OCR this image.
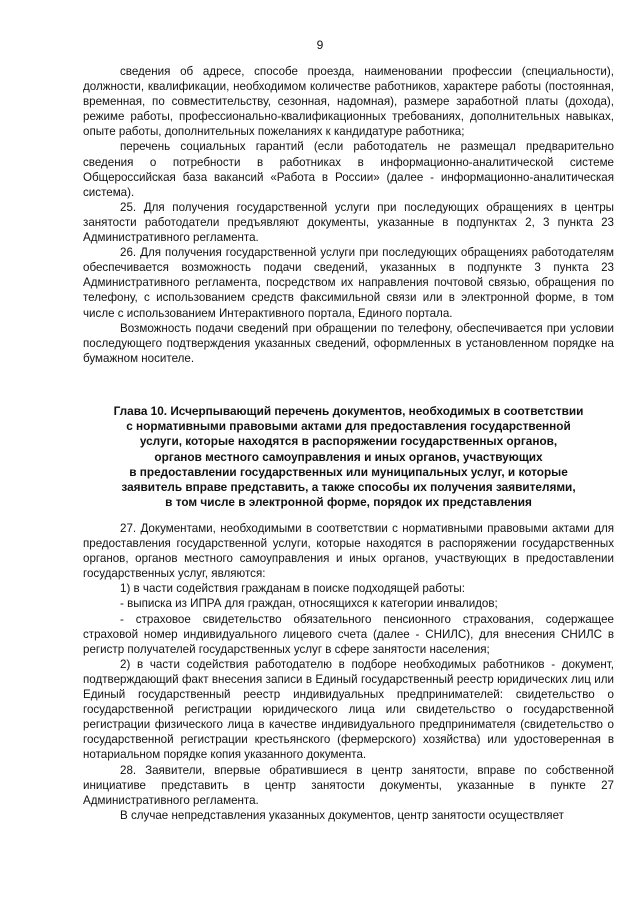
9

сведения об адресе, способе проезда, наименовании профессии (специальности), должности, квалификации, необходимом количестве работников, характере работы (постоянная, временная, по совместительству, сезонная, надомная), размере заработной платы (дохода), режиме работы, профессионально-квалификационных требованиях, дополнительных навыках, опыте работы, дополнительных пожеланиях к кандидатуре работника;

перечень социальных гарантий (если работодатель не размещал предварительно сведения о потребности в работниках в информационно-аналитической системе Общероссийская база вакансий «Работа в России» (далее - информационно-аналитическая система).

25. Для получения государственной услуги при последующих обращениях в центры занятости работодатели предъявляют документы, указанные в подпунктах 2, 3 пункта 23 Административного регламента.

26. Для получения государственной услуги при последующих обращениях работодателям обеспечивается возможность подачи сведений, указанных в подпункте 3 пункта 23 Административного регламента, посредством их направления почтовой связью, обращения по телефону, с использованием средств факсимильной связи или в электронной форме, в том числе с использованием Интерактивного портала, Единого портала.

Возможность подачи сведений при обращении по телефону, обеспечивается при условии последующего подтверждения указанных сведений, оформленных в установленном порядке на бумажном носителе.

Глава 10. Исчерпывающий перечень документов, необходимых в соответствии
с нормативными правовыми актами для предоставления государственной
услуги, которые находятся в распоряжении государственных органов,
органов местного самоуправления и иных органов, участвующих
в предоставлении государственных или муниципальных услуг, и которые
заявитель вправе представить, а также способы их получения заявителями,
в том числе в электронной форме, порядок их представления

27. Документами, необходимыми в соответствии с нормативными правовыми актами для предоставления государственной услуги, которые находятся в распоряжении государственных органов, органов местного самоуправления и иных органов, участвующих в предоставлении государственных услуг, являются:

1) в части содействия гражданам в поиске подходящей работы:

- выписка из ИПРА для граждан, относящихся к категории инвалидов;

- страховое свидетельство обязательного пенсионного страхования, содержащее страховой номер индивидуального лицевого счета (далее - СНИЛС), для внесения СНИЛС в регистр получателей государственных услуг в сфере занятости населения;

2) в части содействия работодателю в подборе необходимых работников - документ, подтверждающий факт внесения записи в Единый государственный реестр юридических лиц или Единый государственный реестр индивидуальных предпринимателей: свидетельство о государственной регистрации юридического лица или свидетельство о государственной регистрации физического лица в качестве индивидуального предпринимателя (свидетельство о государственной регистрации крестьянского (фермерского) хозяйства) или удостоверенная в нотариальном порядке копия указанного документа.

28. Заявители, впервые обратившиеся в центр занятости, вправе по собственной инициативе представить в центр занятости документы, указанные в пункте 27 Административного регламента.

В случае непредставления указанных документов, центр занятости осуществляет
